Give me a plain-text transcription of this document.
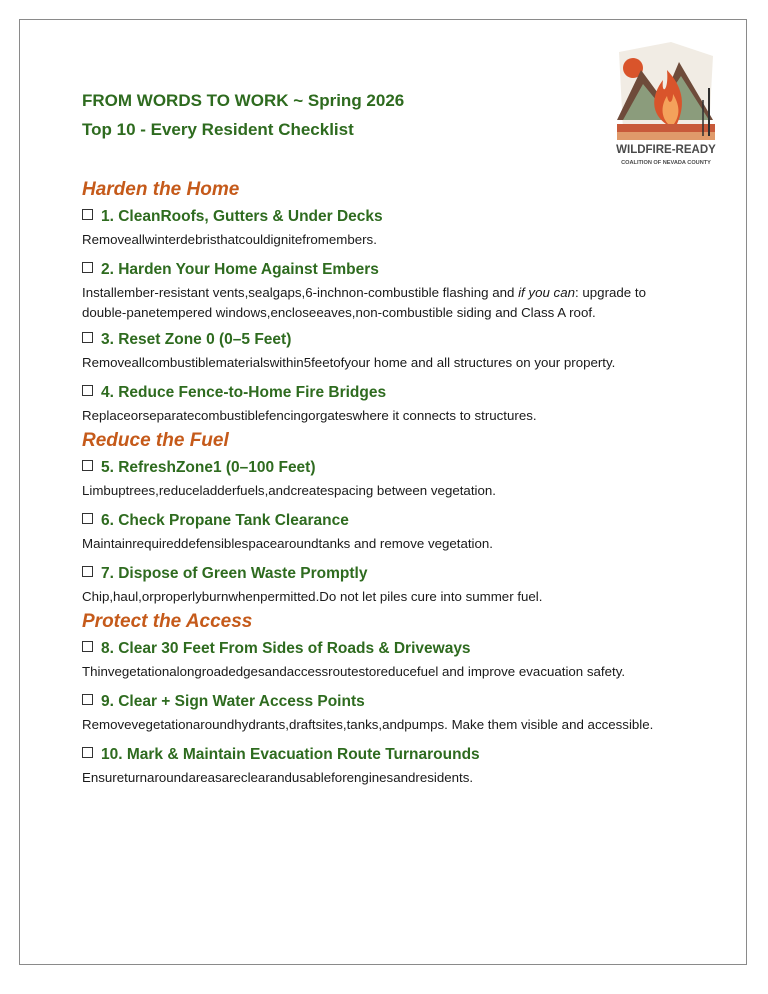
FROM WORDS TO WORK ~ Spring 2026
Top 10 - Every Resident Checklist
WILDFIRE-READY
COALITION OF NEVADA COUNTY
Harden the Home
1. CleanRoofs, Gutters & Under Decks
Removeallwinterdebristhatcouldignitefromembers.
2. Harden Your Home Against Embers
Installember-resistant vents,sealgaps,6-inchnon-combustible flashing and if you can: upgrade to double-panetempered windows,encloseeaves,non-combustible siding and Class A roof.
3. Reset Zone 0 (0–5 Feet)
Removeallcombustiblematerialswithin5feetofyour home and all structures on your property.
4. Reduce Fence-to-Home Fire Bridges
Replaceorseparatecombustiblefencingorgateswhere it connects to structures.
Reduce the Fuel
5. RefreshZone1 (0–100 Feet)
Limbuptrees,reduceladderfuels,andcreatespacing between vegetation.
6. Check Propane Tank Clearance
Maintainrequireddefensiblespacearoundtanks and remove vegetation.
7. Dispose of Green Waste Promptly
Chip,haul,orproperlyburnwhenpermitted.Do not let piles cure into summer fuel.
Protect the Access
8. Clear 30 Feet From Sides of Roads & Driveways
Thinvegetationalongroadedgesandaccessroutestoreducefuel and improve evacuation safety.
9. Clear + Sign Water Access Points
Removevegetationaroundhydrants,draftsites,tanks,andpumps. Make them visible and accessible.
10. Mark & Maintain Evacuation Route Turnarounds
Ensureturnaroundareasareclearandusableforenginesandresidents.
